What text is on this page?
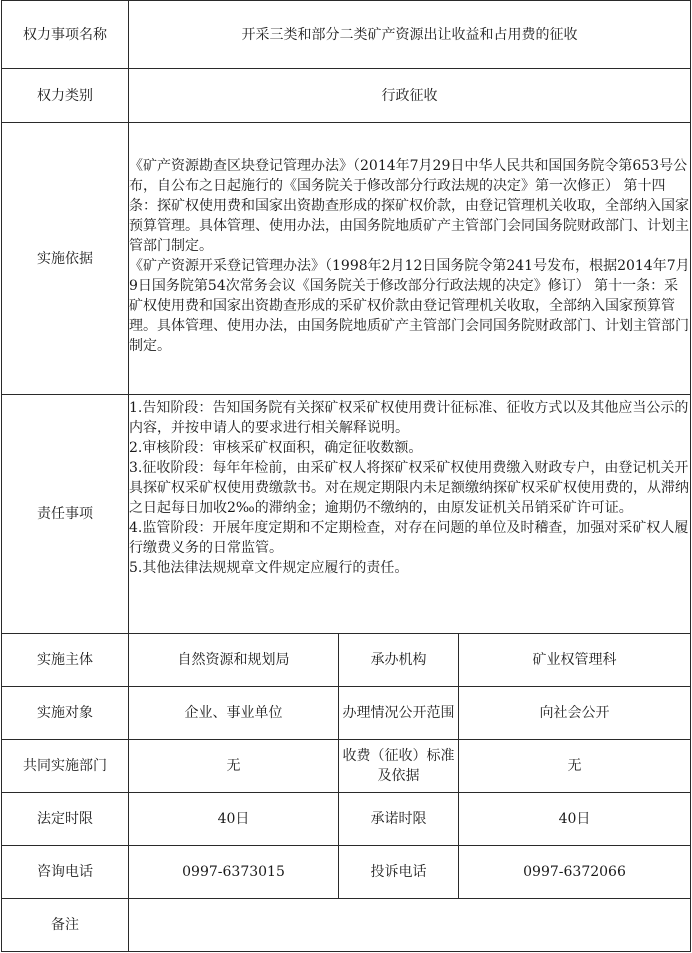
权力事项名称	开采三类和部分二类矿产资源出让收益和占用费的征收		
权力类别	行政征收		
实施依据	《矿产资源勘查区块登记管理办法》（2014年7月29日中华人民共和国国务院令第653号公布，自公布之日起施行的《国务院关于修改部分行政法规的决定》第一次修正） 第十四条：探矿权使用费和国家出资勘查形成的探矿权价款，由登记管理机关收取，全部纳入国家预算管理。具体管理、使用办法，由国务院地质矿产主管部门会同国务院财政部门、计划主管部门制定。
《矿产资源开采登记管理办法》（1998年2月12日国务院令第241号发布，根据2014年7月9日国务院第54次常务会议《国务院关于修改部分行政法规的决定》修订） 第十一条：采矿权使用费和国家出资勘查形成的采矿权价款由登记管理机关收取，全部纳入国家预算管理。具体管理、使用办法，由国务院地质矿产主管部门会同国务院财政部门、计划主管部门制定。		
责任事项	1.告知阶段：告知国务院有关探矿权采矿权使用费计征标准、征收方式以及其他应当公示的内容，并按申请人的要求进行相关解释说明。
2.审核阶段：审核采矿权面积，确定征收数额。
3.征收阶段：每年年检前，由采矿权人将探矿权采矿权使用费缴入财政专户，由登记机关开具探矿权采矿权使用费缴款书。对在规定期限内未足额缴纳探矿权采矿权使用费的，从滞纳之日起每日加收2‰的滞纳金；逾期仍不缴纳的，由原发证机关吊销采矿许可证。
4.监管阶段：开展年度定期和不定期检查，对存在问题的单位及时稽查，加强对采矿权人履行缴费义务的日常监管。
5.其他法律法规规章文件规定应履行的责任。		
实施主体	自然资源和规划局	承办机构	矿业权管理科
实施对象	企业、事业单位	办理情况公开范围	向社会公开
共同实施部门	无	收费（征收）标准及依据	无
法定时限	40日	承诺时限	40日
咨询电话	0997-6373015	投诉电话	0997-6372066
备注			
